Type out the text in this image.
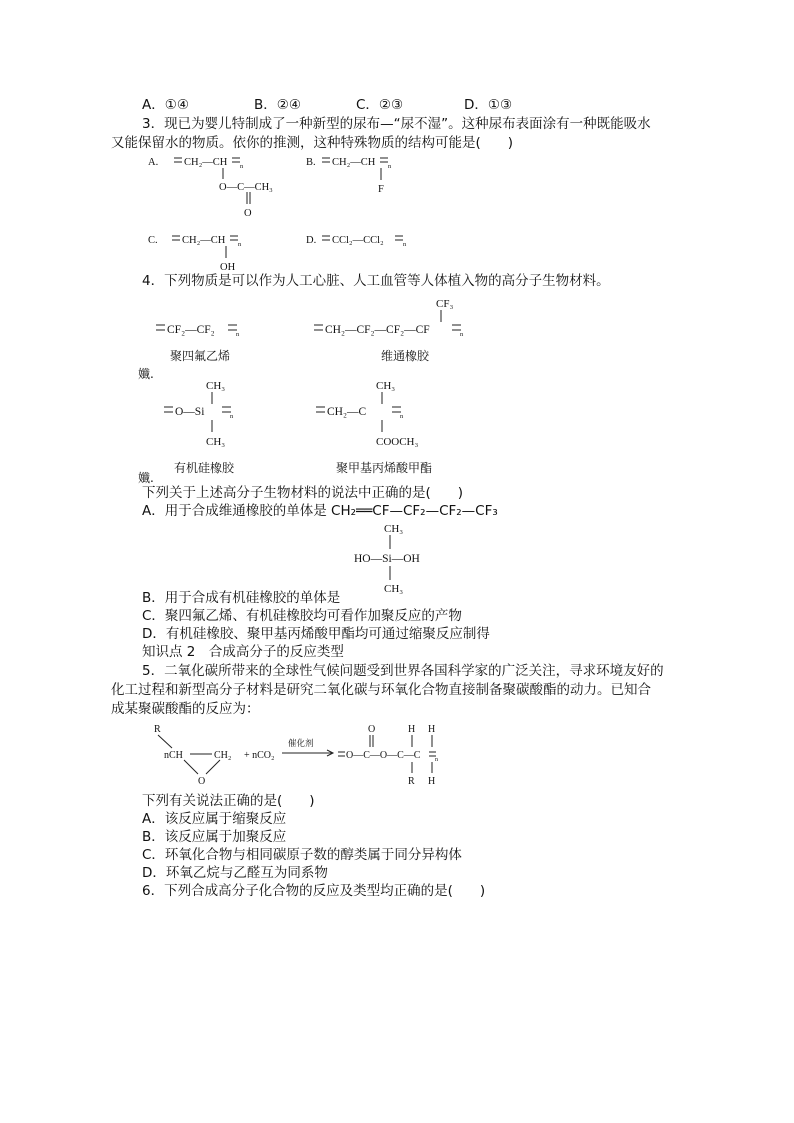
A．①④	B．②④	C．②③	D．①③
3．现已为婴儿特制成了一种新型的尿布—“尿不湿”。这种尿布表面涂有一种既能吸水
又能保留水的物质。依你的推测，这种特殊物质的结构可能是(　　)
A. CH₂—CH n
O—C—CH₃
O
B. CH₂—CH n
F
C. CH₂—CH n
OH
D. CCl₂—CCl₂	n
4．下列物质是可以作为人工心脏、人工血管等人体植入物的高分子生物材料。
CF₂—CF₂	n
聚四氟乙烯
CF₃
CH₂—CF₂—CF₂—CF	n
维通橡胶
孅.
CH₃
O—Si	n
CH₃
有机硅橡胶
CH₃
CH₂—C	n
COOCH₃
聚甲基丙烯酸甲酯
孅.
下列关于上述高分子生物材料的说法中正确的是(　　)
A．用于合成维通橡胶的单体是 CH₂══CF—CF₂—CF₂—CF₃
CH₃
HO—Si—OH
CH₃
B．用于合成有机硅橡胶的单体是
C．聚四氟乙烯、有机硅橡胶均可看作加聚反应的产物
D．有机硅橡胶、聚甲基丙烯酸甲酯均可通过缩聚反应制得
知识点 2　合成高分子的反应类型
5．二氧化碳所带来的全球性气候问题受到世界各国科学家的广泛关注，寻求环境友好的
化工过程和新型高分子材料是研究二氧化碳与环氧化合物直接制备聚碳酸酯的动力。已知合
成某聚碳酸酯的反应为：
R
nCH	CH₂
O
+ nCO₂
催化剂
O—C—O—C—C n
O	H H
R H
下列有关说法正确的是(　　)
A．该反应属于缩聚反应
B．该反应属于加聚反应
C．环氧化合物与相同碳原子数的醇类属于同分异构体
D．环氧乙烷与乙醛互为同系物
6．下列合成高分子化合物的反应及类型均正确的是(　　)
